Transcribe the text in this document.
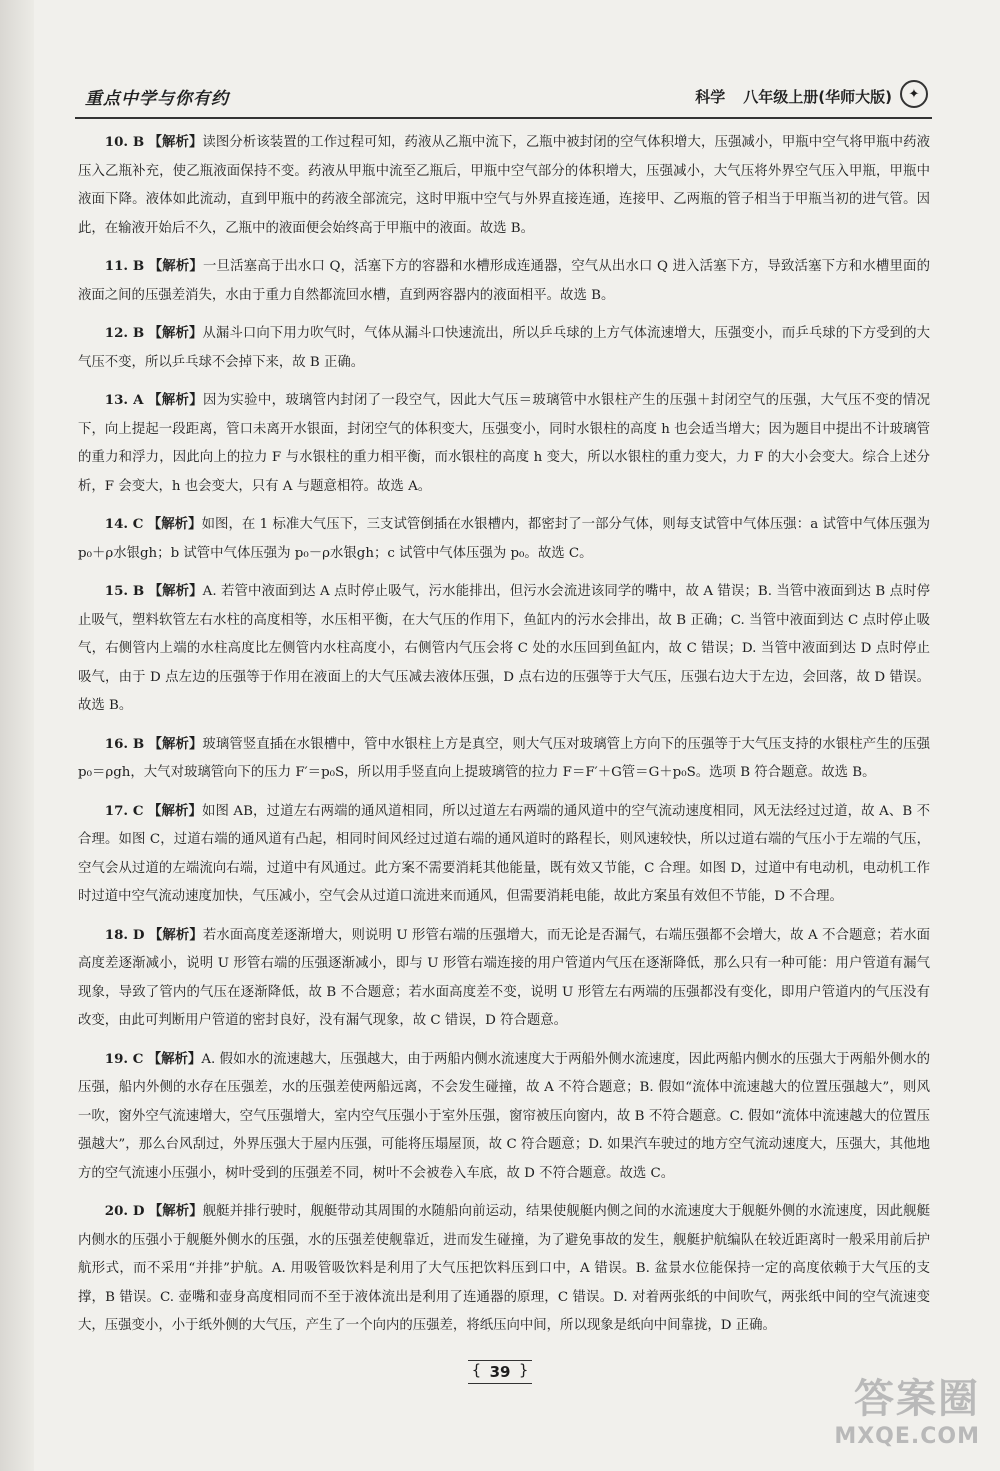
重点中学与你有约	科学 八年级上册(华师大版)	✦

10. B 【解析】读图分析该装置的工作过程可知，药液从乙瓶中流下，乙瓶中被封闭的空气体积增大，压强减小，甲瓶中空气将甲瓶中药液压入乙瓶补充，使乙瓶液面保持不变。药液从甲瓶中流至乙瓶后，甲瓶中空气部分的体积增大，压强减小，大气压将外界空气压入甲瓶，甲瓶中液面下降。液体如此流动，直到甲瓶中的药液全部流完，这时甲瓶中空气与外界直接连通，连接甲、乙两瓶的管子相当于甲瓶当初的进气管。因此，在输液开始后不久，乙瓶中的液面便会始终高于甲瓶中的液面。故选 B。

11. B 【解析】一旦活塞高于出水口 Q，活塞下方的容器和水槽形成连通器，空气从出水口 Q 进入活塞下方，导致活塞下方和水槽里面的液面之间的压强差消失，水由于重力自然都流回水槽，直到两容器内的液面相平。故选 B。

12. B 【解析】从漏斗口向下用力吹气时，气体从漏斗口快速流出，所以乒乓球的上方气体流速增大，压强变小，而乒乓球的下方受到的大气压不变，所以乒乓球不会掉下来，故 B 正确。

13. A 【解析】因为实验中，玻璃管内封闭了一段空气，因此大气压＝玻璃管中水银柱产生的压强＋封闭空气的压强，大气压不变的情况下，向上提起一段距离，管口未离开水银面，封闭空气的体积变大，压强变小，同时水银柱的高度 h 也会适当增大；因为题目中提出不计玻璃管的重力和浮力，因此向上的拉力 F 与水银柱的重力相平衡，而水银柱的高度 h 变大，所以水银柱的重力变大，力 F 的大小会变大。综合上述分析，F 会变大，h 也会变大，只有 A 与题意相符。故选 A。

14. C 【解析】如图，在 1 标准大气压下，三支试管倒插在水银槽内，都密封了一部分气体，则每支试管中气体压强：a 试管中气体压强为 p₀＋ρ水银gh；b 试管中气体压强为 p₀－ρ水银gh；c 试管中气体压强为 p₀。故选 C。

15. B 【解析】A. 若管中液面到达 A 点时停止吸气，污水能排出，但污水会流进该同学的嘴中，故 A 错误；B. 当管中液面到达 B 点时停止吸气，塑料软管左右水柱的高度相等，水压相平衡，在大气压的作用下，鱼缸内的污水会排出，故 B 正确；C. 当管中液面到达 C 点时停止吸气，右侧管内上端的水柱高度比左侧管内水柱高度小，右侧管内气压会将 C 处的水压回到鱼缸内，故 C 错误；D. 当管中液面到达 D 点时停止吸气，由于 D 点左边的压强等于作用在液面上的大气压减去液体压强，D 点右边的压强等于大气压，压强右边大于左边，会回落，故 D 错误。故选 B。

16. B 【解析】玻璃管竖直插在水银槽中，管中水银柱上方是真空，则大气压对玻璃管上方向下的压强等于大气压支持的水银柱产生的压强 p₀＝ρgh，大气对玻璃管向下的压力 F′＝p₀S，所以用手竖直向上提玻璃管的拉力 F＝F′＋G管＝G＋p₀S。选项 B 符合题意。故选 B。

17. C 【解析】如图 AB，过道左右两端的通风道相同，所以过道左右两端的通风道中的空气流动速度相同，风无法经过过道，故 A、B 不合理。如图 C，过道右端的通风道有凸起，相同时间风经过过道右端的通风道时的路程长，则风速较快，所以过道右端的气压小于左端的气压，空气会从过道的左端流向右端，过道中有风通过。此方案不需要消耗其他能量，既有效又节能，C 合理。如图 D，过道中有电动机，电动机工作时过道中空气流动速度加快，气压减小，空气会从过道口流进来而通风，但需要消耗电能，故此方案虽有效但不节能，D 不合理。

18. D 【解析】若水面高度差逐渐增大，则说明 U 形管右端的压强增大，而无论是否漏气，右端压强都不会增大，故 A 不合题意；若水面高度差逐渐减小，说明 U 形管右端的压强逐渐减小，即与 U 形管右端连接的用户管道内气压在逐渐降低，那么只有一种可能：用户管道有漏气现象，导致了管内的气压在逐渐降低，故 B 不合题意；若水面高度差不变，说明 U 形管左右两端的压强都没有变化，即用户管道内的气压没有改变，由此可判断用户管道的密封良好，没有漏气现象，故 C 错误，D 符合题意。

19. C 【解析】A. 假如水的流速越大，压强越大，由于两船内侧水流速度大于两船外侧水流速度，因此两船内侧水的压强大于两船外侧水的压强，船内外侧的水存在压强差，水的压强差使两船远离，不会发生碰撞，故 A 不符合题意；B. 假如“流体中流速越大的位置压强越大”，则风一吹，窗外空气流速增大，空气压强增大，室内空气压强小于室外压强，窗帘被压向窗内，故 B 不符合题意。C. 假如“流体中流速越大的位置压强越大”，那么台风刮过，外界压强大于屋内压强，可能将压塌屋顶，故 C 符合题意；D. 如果汽车驶过的地方空气流动速度大，压强大，其他地方的空气流速小压强小，树叶受到的压强差不同，树叶不会被卷入车底，故 D 不符合题意。故选 C。

20. D 【解析】舰艇并排行驶时，舰艇带动其周围的水随船向前运动，结果使舰艇内侧之间的水流速度大于舰艇外侧的水流速度，因此舰艇内侧水的压强小于舰艇外侧水的压强，水的压强差使舰靠近，进而发生碰撞，为了避免事故的发生，舰艇护航编队在较近距离时一般采用前后护航形式，而不采用“并排”护航。A. 用吸管吸饮料是利用了大气压把饮料压到口中，A 错误。B. 盆景水位能保持一定的高度依赖于大气压的支撑，B 错误。C. 壶嘴和壶身高度相同而不至于液体流出是利用了连通器的原理，C 错误。D. 对着两张纸的中间吹气，两张纸中间的空气流速变大，压强变小，小于纸外侧的大气压，产生了一个向内的压强差，将纸压向中间，所以现象是纸向中间靠拢，D 正确。

{ 39 }
答案圈
MXQE.COM
